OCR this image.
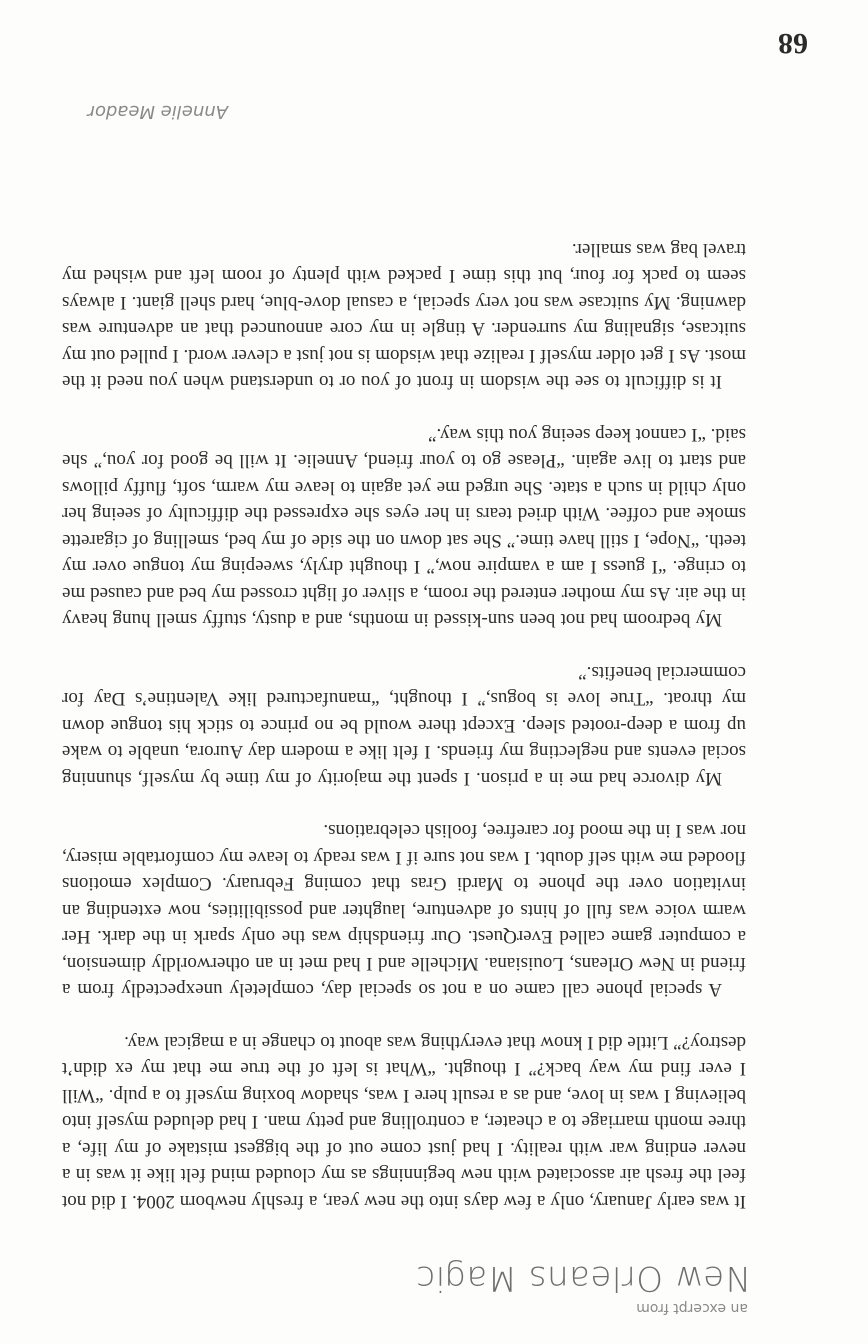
an excerpt from

New Orleans Magic

It was early January, only a few days into the new year, a freshly newborn 2004. I did not feel the fresh air associated with new beginnings as my clouded mind felt like it was in a never ending war with reality. I had just come out of the biggest mistake of my life, a three month marriage to a cheater, a controlling and petty man. I had deluded myself into believing I was in love, and as a result here I was, shadow boxing myself to a pulp. “Will I ever find my way back?” I thought. “What is left of the true me that my ex didn’t destroy?” Little did I know that everything was about to change in a magical way.

A special phone call came on a not so special day, completely unexpectedly from a friend in New Orleans, Louisiana. Michelle and I had met in an otherworldly dimension, a computer game called EverQuest. Our friendship was the only spark in the dark. Her warm voice was full of hints of adventure, laughter and possibilities, now extending an invitation over the phone to Mardi Gras that coming February. Complex emotions flooded me with self doubt. I was not sure if I was ready to leave my comfortable misery, nor was I in the mood for carefree, foolish celebrations.

My divorce had me in a prison. I spent the majority of my time by myself, shunning social events and neglecting my friends. I felt like a modern day Aurora, unable to wake up from a deep-rooted sleep. Except there would be no prince to stick his tongue down my throat. “True love is bogus,” I thought, “manufactured like Valentine’s Day for commercial benefits.”

My bedroom had not been sun-kissed in months, and a dusty, stuffy smell hung heavy in the air. As my mother entered the room, a sliver of light crossed my bed and caused me to cringe. “I guess I am a vampire now,” I thought dryly, sweeping my tongue over my teeth. “Nope, I still have time.” She sat down on the side of my bed, smelling of cigarette smoke and coffee. With dried tears in her eyes she expressed the difficulty of seeing her only child in such a state. She urged me yet again to leave my warm, soft, fluffy pillows and start to live again. “Please go to your friend, Annelie. It will be good for you,” she said. “I cannot keep seeing you this way.”

It is difficult to see the wisdom in front of you or to understand when you need it the most. As I get older myself I realize that wisdom is not just a clever word. I pulled out my suitcase, signaling my surrender. A tingle in my core announced that an adventure was dawning. My suitcase was not very special, a casual dove-blue, hard shell giant. I always seem to pack for four, but this time I packed with plenty of room left and wished my travel bag was smaller.

Annelie Meador

68
